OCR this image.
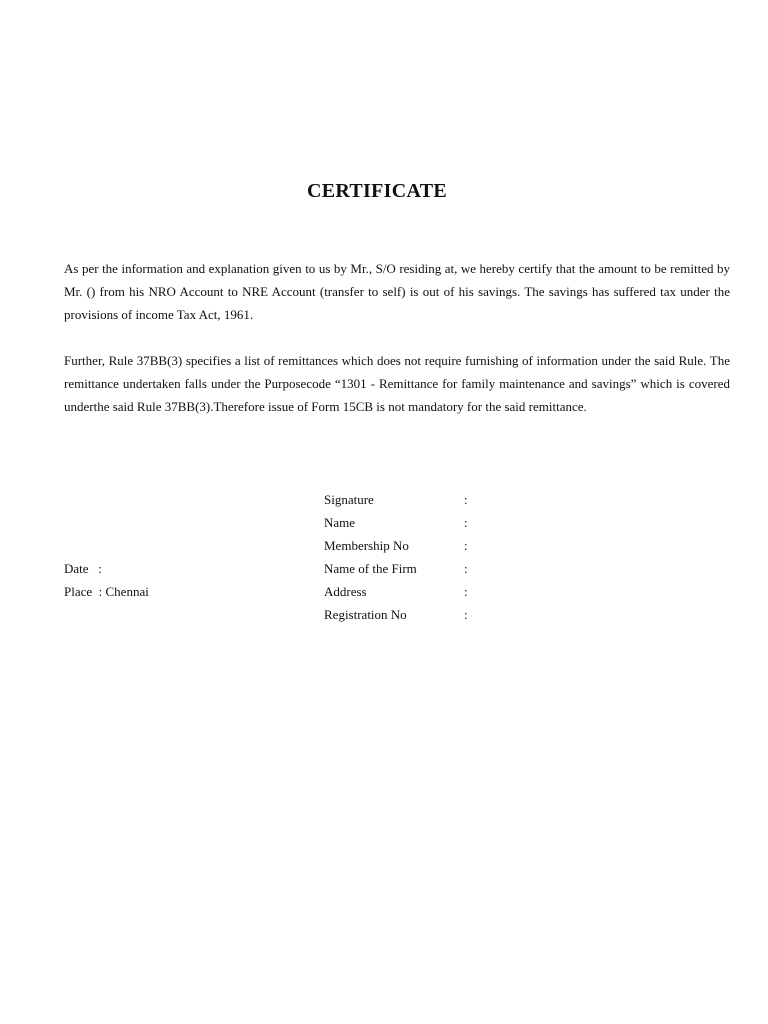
CERTIFICATE

As per the information and explanation given to us by Mr., S/O residing at, we hereby certify that the amount to be remitted by Mr. () from his NRO Account to NRE Account (transfer to self) is out of his savings. The savings has suffered tax under the provisions of income Tax Act, 1961.

Further, Rule 37BB(3) specifies a list of remittances which does not require furnishing of information under the said Rule. The remittance undertaken falls under the Purposecode “1301 - Remittance for family maintenance and savings” which is covered underthe said Rule 37BB(3).Therefore issue of Form 15CB is not mandatory for the said remittance.

Date   :
Place  : Chennai
Signature	:
Name	:
Membership No	:
Name of the Firm	:
Address	:
Registration No	:
